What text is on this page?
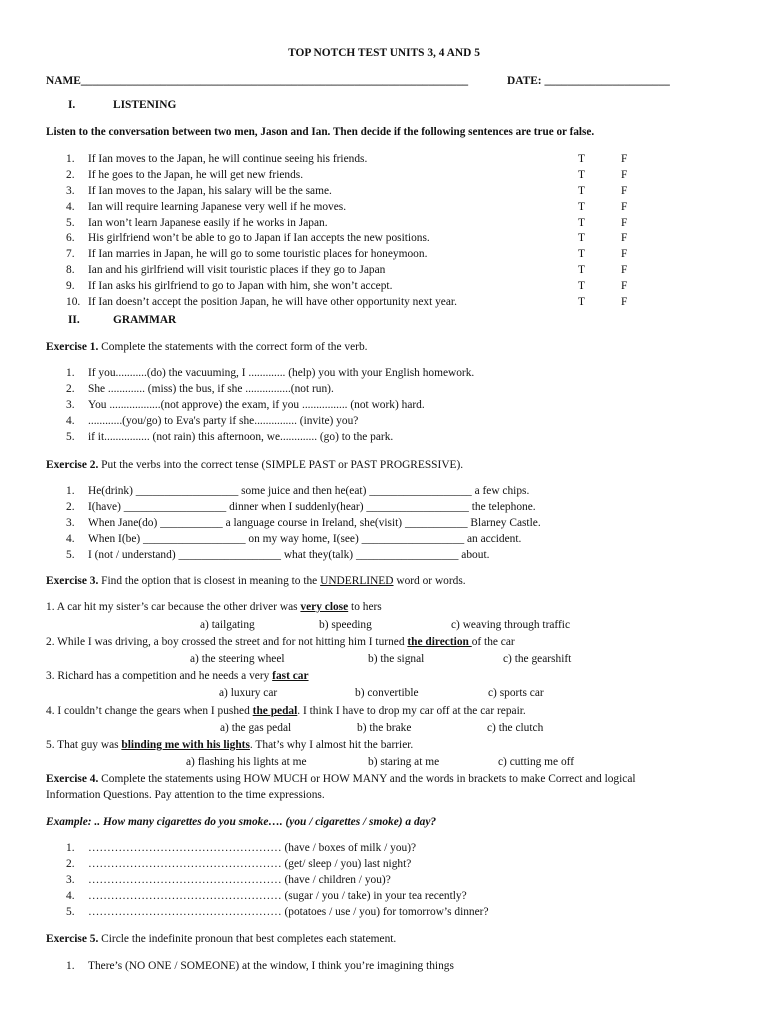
TOP NOTCH TEST UNITS 3, 4 AND 5
NAME____________________________________________________________________	DATE: ______________________
I.	LISTENING
Listen to the conversation between two men, Jason and Ian. Then decide if the following sentences are true or false.
1. If Ian moves to the Japan, he will continue seeing his friends.	T	F
2. If he goes to the Japan, he will get new friends.	T	F
3. If Ian moves to the Japan, his salary will be the same.	T	F
4. Ian will require learning Japanese very well if he moves.	T	F
5. Ian won’t learn Japanese easily if he works in Japan.	T	F
6. His girlfriend won’t be able to go to Japan if Ian accepts the new positions.	T	F
7. If Ian marries in Japan, he will go to some touristic places for honeymoon.	T	F
8. Ian and his girlfriend will visit touristic places if they go to Japan	T	F
9. If Ian asks his girlfriend to go to Japan with him, she won’t accept.	T	F
10. If Ian doesn’t accept the position Japan, he will have other opportunity next year.	T	F
II.	GRAMMAR
Exercise 1. Complete the statements with the correct form of the verb.
1. If you...........(do) the vacuuming, I ............. (help) you with your English homework.
2. She ............. (miss) the bus, if she ................(not run).
3. You ..................(not approve) the exam, if you ................ (not work) hard.
4. ............(you/go) to Eva's party if she............... (invite) you?
5. if it................ (not rain) this afternoon, we............. (go) to the park.
Exercise 2. Put the verbs into the correct tense (SIMPLE PAST or PAST PROGRESSIVE).
1. He(drink) __________________ some juice and then he(eat) __________________ a few chips.
2. I(have) __________________ dinner when I suddenly(hear) __________________ the telephone.
3. When Jane(do) ___________ a language course in Ireland, she(visit) ___________ Blarney Castle.
4. When I(be) __________________ on my way home, I(see) __________________ an accident.
5. I (not / understand) __________________ what they(talk) __________________ about.
Exercise 3. Find the option that is closest in meaning to the UNDERLINED word or words.
1. A car hit my sister’s car because the other driver was very close to hers
a) tailgating	b) speeding	c) weaving through traffic
2. While I was driving, a boy crossed the street and for not hitting him I turned the direction of the car
a) the steering wheel	b) the signal	c) the gearshift
3. Richard has a competition and he needs a very fast car
a) luxury car	b) convertible	c) sports car
4. I couldn’t change the gears when I pushed the pedal. I think I have to drop my car off at the car repair.
a) the gas pedal	b) the brake	c) the clutch
5. That guy was blinding me with his lights. That’s why I almost hit the barrier.
a) flashing his lights at me	b) staring at me	c) cutting me off
Exercise 4. Complete the statements using HOW MUCH or HOW MANY and the words in brackets to make Correct and logical
Information Questions. Pay attention to the time expressions.
Example: .. How many cigarettes do you smoke…. (you / cigarettes / smoke) a day?
1. …………………………………………… (have / boxes of milk / you)?
2. …………………………………………… (get/ sleep / you) last night?
3. …………………………………………… (have / children / you)?
4. …………………………………………… (sugar / you / take) in your tea recently?
5. …………………………………………… (potatoes / use / you) for tomorrow’s dinner?
Exercise 5. Circle the indefinite pronoun that best completes each statement.
1. There’s (NO ONE / SOMEONE) at the window, I think you’re imagining things
